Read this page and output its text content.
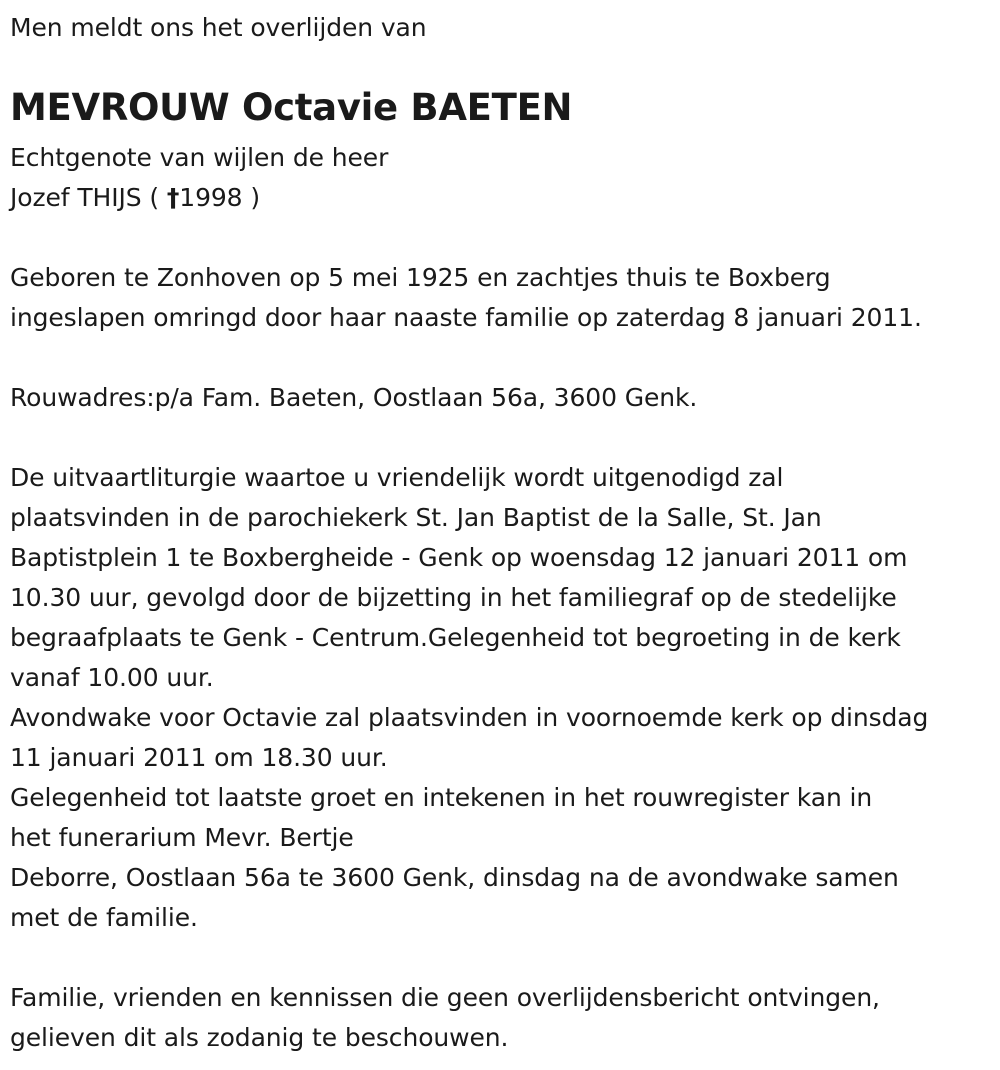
Men meldt ons het overlijden van
MEVROUW Octavie BAETEN
Echtgenote van wijlen de heer
Jozef THIJS ( †1998 )
Geboren te Zonhoven op 5 mei 1925 en zachtjes thuis te Boxberg
ingeslapen omringd door haar naaste familie op zaterdag 8 januari 2011.
Rouwadres:p/a Fam. Baeten, Oostlaan 56a, 3600 Genk.
De uitvaartliturgie waartoe u vriendelijk wordt uitgenodigd zal
plaatsvinden in de parochiekerk St. Jan Baptist de la Salle, St. Jan
Baptistplein 1 te Boxbergheide - Genk op woensdag 12 januari 2011 om
10.30 uur, gevolgd door de bijzetting in het familiegraf op de stedelijke
begraafplaats te Genk - Centrum.Gelegenheid tot begroeting in de kerk
vanaf 10.00 uur.
Avondwake voor Octavie zal plaatsvinden in voornoemde kerk op dinsdag
11 januari 2011 om 18.30 uur.
Gelegenheid tot laatste groet en intekenen in het rouwregister kan in
het funerarium Mevr. Bertje
Deborre, Oostlaan 56a te 3600 Genk, dinsdag na de avondwake samen
met de familie.
Familie, vrienden en kennissen die geen overlijdensbericht ontvingen,
gelieven dit als zodanig te beschouwen.
